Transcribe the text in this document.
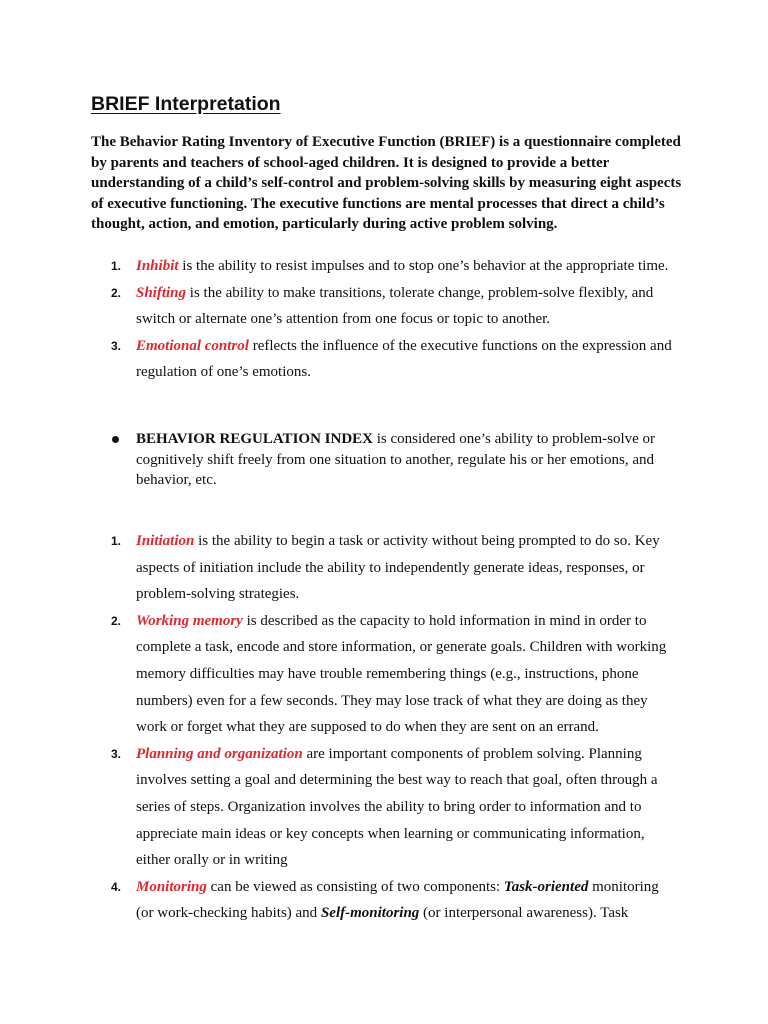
BRIEF Interpretation

The Behavior Rating Inventory of Executive Function (BRIEF) is a questionnaire completed by parents and teachers of school-aged children. It is designed to provide a better understanding of a child’s self-control and problem-solving skills by measuring eight aspects of executive functioning. The executive functions are mental processes that direct a child’s thought, action, and emotion, particularly during active problem solving.

1. Inhibit is the ability to resist impulses and to stop one’s behavior at the appropriate time.
2. Shifting is the ability to make transitions, tolerate change, problem-solve flexibly, and switch or alternate one’s attention from one focus or topic to another.
3. Emotional control reflects the influence of the executive functions on the expression and regulation of one’s emotions.
BEHAVIOR REGULATION INDEX is considered one’s ability to problem-solve or cognitively shift freely from one situation to another, regulate his or her emotions, and behavior, etc.
1. Initiation is the ability to begin a task or activity without being prompted to do so. Key aspects of initiation include the ability to independently generate ideas, responses, or problem-solving strategies.
2. Working memory is described as the capacity to hold information in mind in order to complete a task, encode and store information, or generate goals. Children with working memory difficulties may have trouble remembering things (e.g., instructions, phone numbers) even for a few seconds. They may lose track of what they are doing as they work or forget what they are supposed to do when they are sent on an errand.
3. Planning and organization are important components of problem solving. Planning involves setting a goal and determining the best way to reach that goal, often through a series of steps. Organization involves the ability to bring order to information and to appreciate main ideas or key concepts when learning or communicating information, either orally or in writing
4. Monitoring can be viewed as consisting of two components: Task-oriented monitoring (or work-checking habits) and Self-monitoring (or interpersonal awareness). Task
